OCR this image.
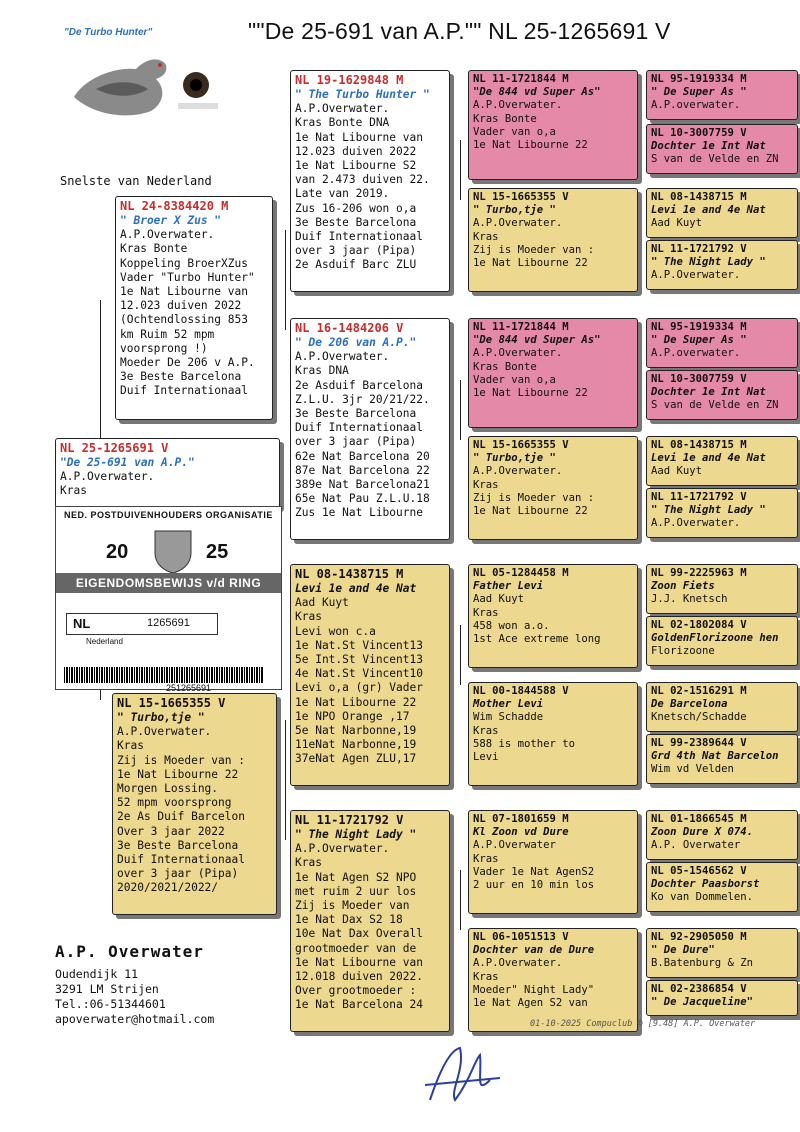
""De 25-691 van A.P."" NL 25-1265691 V
"De Turbo Hunter"
Snelste van Nederland
NL 25-1265691 V
"De 25-691 van A.P."
A.P.Overwater.
Kras
NED. POSTDUIVENHOUDERS ORGANISATIE
20	25
EIGENDOMSBEWIJS v/d RING
NL	1265691
Nederland
251265691
NL 24-8384420 M
" Broer X Zus "
A.P.Overwater.
Kras Bonte
Koppeling BroerXZus
Vader "Turbo Hunter"
1e Nat Libourne van
12.023 duiven 2022
(Ochtendlossing 853
km Ruim 52 mpm
voorsprong !)
Moeder De 206 v A.P.
3e Beste Barcelona
Duif Internationaal
NL 15-1665355 V
" Turbo,tje "
A.P.Overwater.
Kras
Zij is Moeder van :
1e Nat Libourne 22
Morgen Lossing.
52 mpm voorsprong
2e As Duif Barcelon
Over 3 jaar 2022
3e Beste Barcelona
Duif Internationaal
over 3 jaar (Pipa)
2020/2021/2022/
NL 19-1629848 M
" The Turbo Hunter "
A.P.Overwater.
Kras Bonte DNA
1e Nat Libourne van
12.023 duiven 2022
1e Nat Libourne S2
van 2.473 duiven 22.
Late van 2019.
Zus 16-206 won o,a
3e Beste Barcelona
Duif Internationaal
over 3 jaar (Pipa)
2e Asduif Barc ZLU
NL 16-1484206 V
" De 206 van A.P."
A.P.Overwater.
Kras DNA
2e Asduif Barcelona
Z.L.U. 3jr 20/21/22.
3e Beste Barcelona
Duif Internationaal
over 3 jaar (Pipa)
62e Nat Barcelona 20
87e Nat Barcelona 22
389e Nat Barcelona21
65e Nat Pau Z.L.U.18
Zus 1e Nat Libourne
NL 08-1438715 M
Levi 1e and 4e Nat
Aad Kuyt
Kras
Levi won c.a
1e Nat.St Vincent13
5e Int.St Vincent13
4e Nat.St Vincent10
Levi o,a (gr) Vader
1e Nat Libourne 22
1e NPO Orange ,17
5e Nat Narbonne,19
11eNat Narbonne,19
37eNat Agen ZLU,17
NL 11-1721792 V
" The Night Lady "
A.P.Overwater.
Kras
1e Nat Agen S2 NPO
met ruim 2 uur los
Zij is Moeder van
1e Nat Dax S2 18
10e Nat Dax Overall
grootmoeder van de
1e Nat Libourne van
12.018 duiven 2022.
Over grootmoeder :
1e Nat Barcelona 24
NL 11-1721844 M
"De 844 vd Super As"
A.P.Overwater.
Kras Bonte
Vader van o,a
1e Nat Libourne 22
NL 15-1665355 V
" Turbo,tje "
A.P.Overwater.
Kras
Zij is Moeder van :
1e Nat Libourne 22
NL 11-1721844 M
"De 844 vd Super As"
A.P.Overwater.
Kras Bonte
Vader van o,a
1e Nat Libourne 22
NL 15-1665355 V
" Turbo,tje "
A.P.Overwater.
Kras
Zij is Moeder van :
1e Nat Libourne 22
NL 05-1284458 M
Father Levi
Aad Kuyt
Kras
458 won a.o.
1st Ace extreme long
NL 00-1844588 V
Mother Levi
Wim Schadde
Kras
588 is mother to
Levi
NL 07-1801659 M
Kl Zoon vd Dure
A.P.Overwater
Kras
Vader 1e Nat AgenS2
2 uur en 10 min los
NL 06-1051513 V
Dochter van de Dure
A.P.Overwater.
Kras
Moeder" Night Lady"
1e Nat Agen S2 van
NL 95-1919334 M
" De Super As "
A.P.overwater.
NL 10-3007759 V
Dochter 1e Int Nat
S van de Velde en ZN
NL 08-1438715 M
Levi 1e and 4e Nat
Aad Kuyt
NL 11-1721792 V
" The Night Lady "
A.P.Overwater.
NL 95-1919334 M
" De Super As "
A.P.overwater.
NL 10-3007759 V
Dochter 1e Int Nat
S van de Velde en ZN
NL 08-1438715 M
Levi 1e and 4e Nat
Aad Kuyt
NL 11-1721792 V
" The Night Lady "
A.P.Overwater.
NL 99-2225963 M
Zoon Fiets
J.J. Knetsch
NL 02-1802084 V
GoldenFlorizoone hen
Florizoone
NL 02-1516291 M
De Barcelona
Knetsch/Schadde
NL 99-2389644 V
Grd 4th Nat Barcelon
Wim vd Velden
NL 01-1866545 M
Zoon Dure X 074.
A.P. Overwater
NL 05-1546562 V
Dochter Paasborst
Ko van Dommelen.
NL 92-2905050 M
" De Dure"
B.Batenburg & Zn
NL 02-2386854 V
" De Jacqueline"
A.P. Overwater
Oudendijk 11
3291 LM Strijen
Tel.:06-51344601
apoverwater@hotmail.com	01-10-2025 Compuclub © [9.48] A.P. Overwater
